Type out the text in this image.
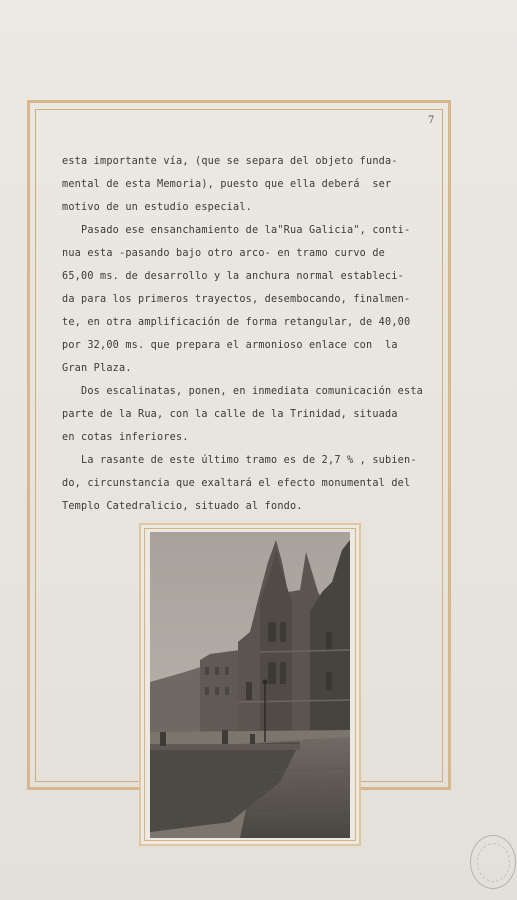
7
esta importante vía, (que se separa del objeto funda-
mental de esta Memoria), puesto que ella deberá  ser
motivo de un estudio especial.
Pasado ese ensanchamiento de la"Rua Galicia", conti-
nua esta -pasando bajo otro arco- en tramo curvo de
65,00 ms. de desarrollo y la anchura normal estableci-
da para los primeros trayectos, desembocando, finalmen-
te, en otra amplificación de forma retangular, de 40,00
por 32,00 ms. que prepara el armonioso enlace con  la
Gran Plaza.
Dos escalinatas, ponen, en inmediata comunicación esta
parte de la Rua, con la calle de la Trinidad, situada
en cotas inferiores.
La rasante de este último tramo es de 2,7 % , subien-
do, circunstancia que exaltará el efecto monumental del
Templo Catedralicio, situado al fondo.
